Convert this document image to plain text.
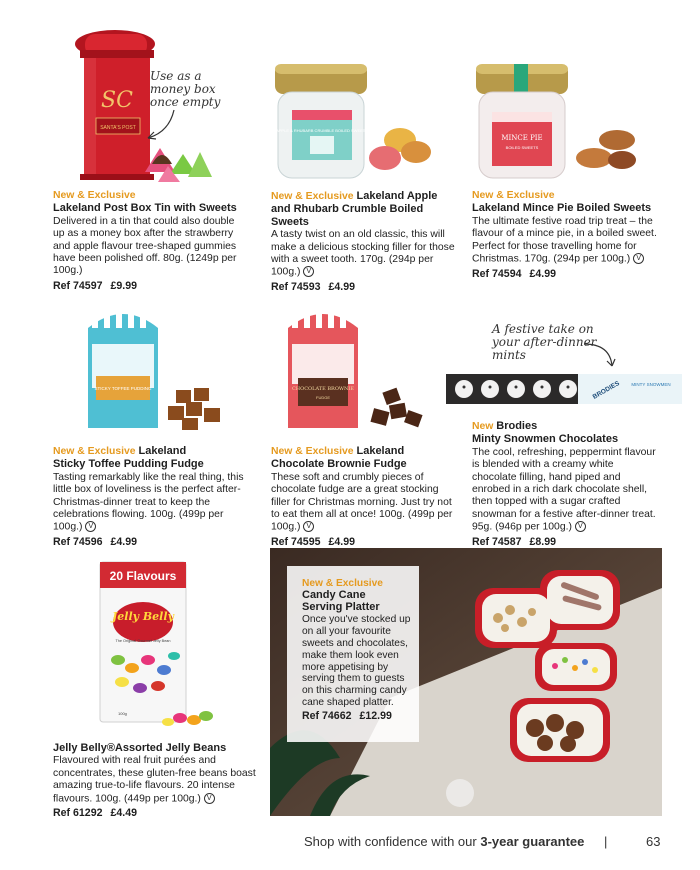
SC
SANTA'S POST	APPLE & RHUBARB CRUMBLE BOILED SWEETS
MINCE PIE
BOILED SWEETS
STICKY TOFFEE PUDDING	CHOCOLATE BROWNIE
FUDGE	BRODIES MINTY SNOWMEN
20 Flavours
Jelly Belly
The Original Gourmet Jelly Bean
100g
Use as a money box once empty
A festive take on your after-dinner mints
New & Exclusive
Lakeland Post Box Tin with Sweets
Delivered in a tin that could also double up as a money box after the strawberry and apple flavour tree-shaped gummies have been polished off. 80g. (1249p per 100g.)
Ref 74597 £9.99
New & Exclusive Lakeland Apple
and Rhubarb Crumble Boiled Sweets
A tasty twist on an old classic, this will make a delicious stocking filler for those with a sweet tooth. 170g. (294p per 100g.) V
Ref 74593 £4.99
New & Exclusive
Lakeland Mince Pie Boiled Sweets
The ultimate festive road trip treat – the flavour of a mince pie, in a boiled sweet. Perfect for those travelling home for Christmas. 170g. (294p per 100g.) V
Ref 74594 £4.99
New & Exclusive Lakeland
Sticky Toffee Pudding Fudge
Tasting remarkably like the real thing, this little box of loveliness is the perfect after-Christmas-dinner treat to keep the celebrations flowing. 100g. (499p per 100g.) V
Ref 74596 £4.99
New & Exclusive Lakeland
Chocolate Brownie Fudge
These soft and crumbly pieces of chocolate fudge are a great stocking filler for Christmas morning. Just try not to eat them all at once! 100g. (499p per 100g.) V
Ref 74595 £4.99
New Brodies
Minty Snowmen Chocolates
The cool, refreshing, peppermint flavour is blended with a creamy white chocolate filling, hand piped and enrobed in a rich dark chocolate shell, then topped with a sugar crafted snowman for a festive after-dinner treat. 95g. (946p per 100g.) V
Ref 74587 £8.99
Jelly Belly®Assorted Jelly Beans
Flavoured with real fruit purées and concentrates, these gluten-free beans boast amazing true-to-life flavours. 20 intense flavours. 100g. (449p per 100g.) V
Ref 61292 £4.49
New & Exclusive
Candy Cane
Serving Platter
Once you've stocked up on all your favourite sweets and chocolates, make them look even more appetising by serving them to guests on this charming candy cane shaped platter.
Ref 74662 £12.99
Shop with confidence with our 3-year guarantee |	63
